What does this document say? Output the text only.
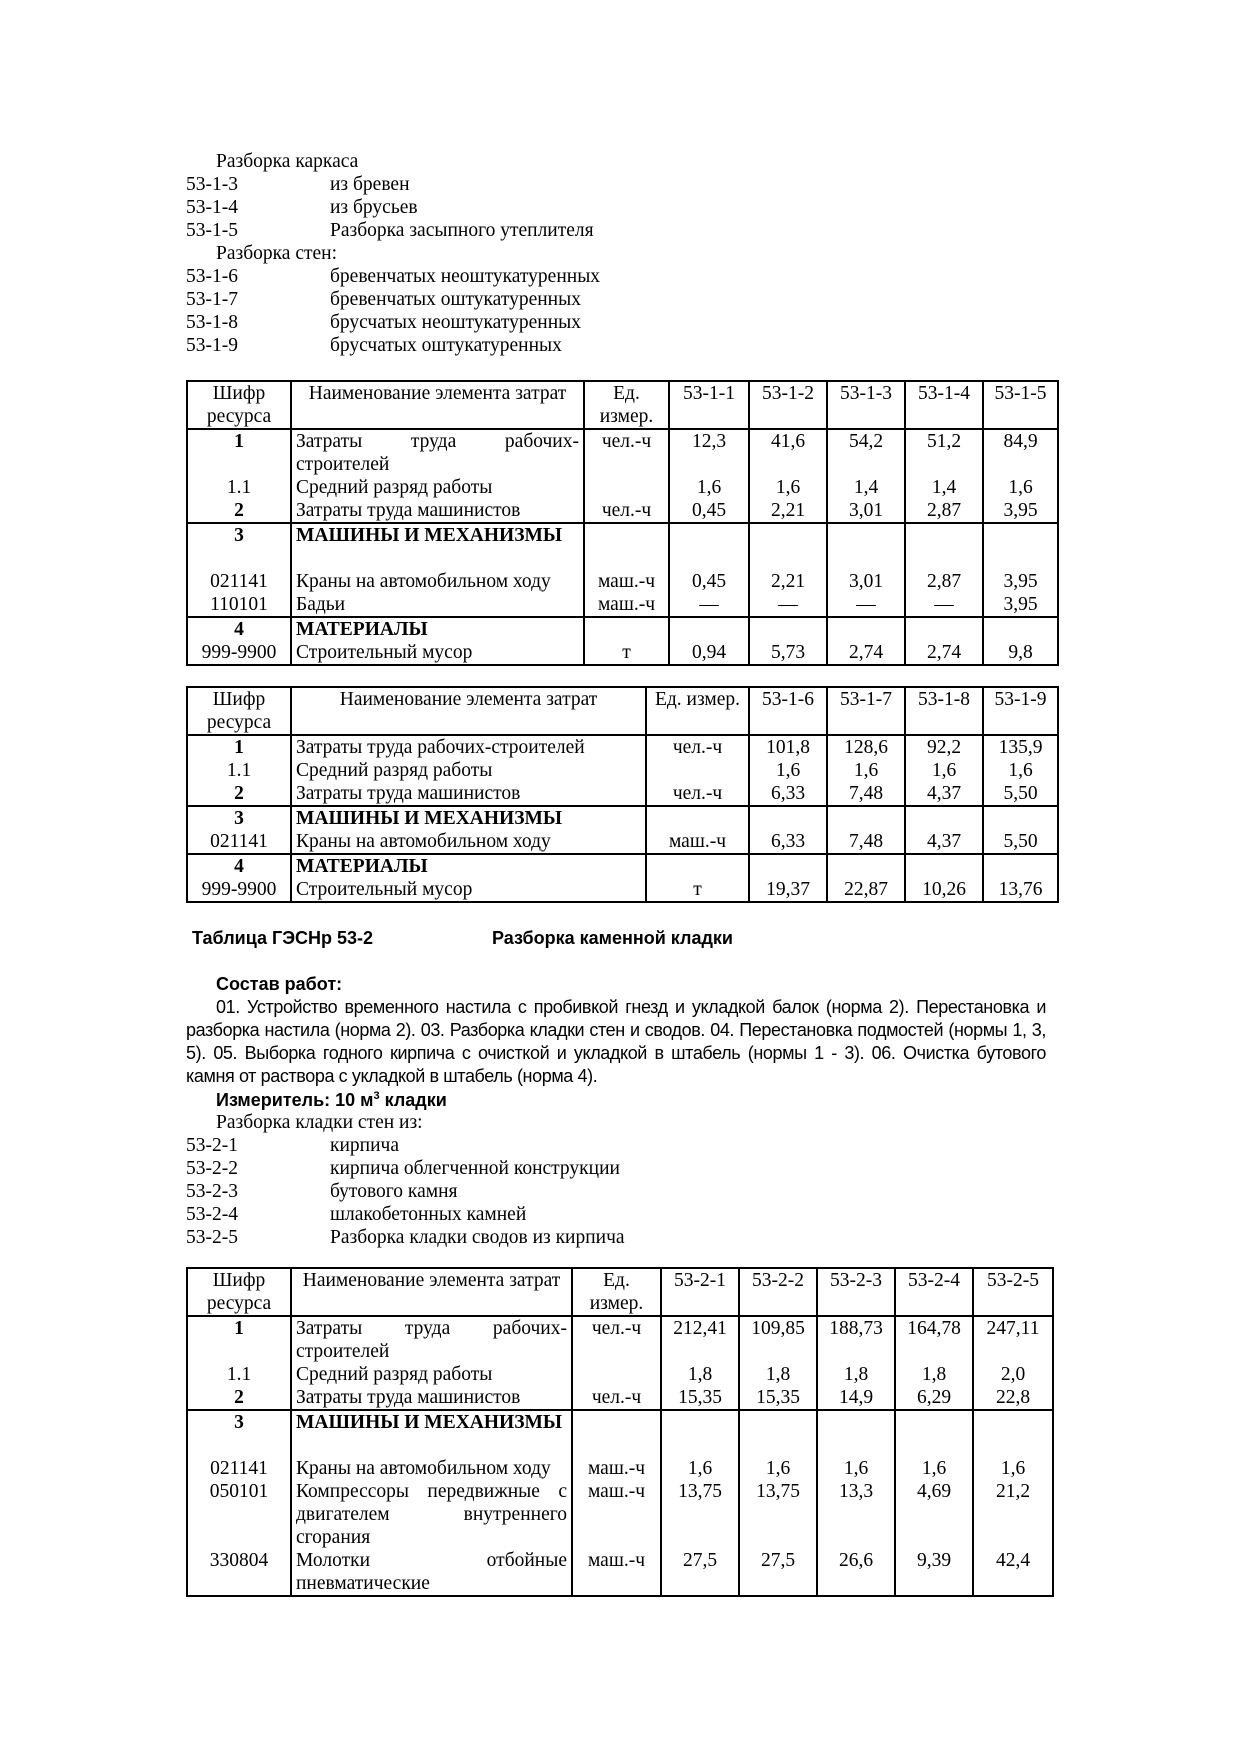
Разборка каркаса
53-1-3	из бревен
53-1-4	из брусьев
53-1-5	Разборка засыпного утеплителя
Разборка стен:
53-1-6	бревенчатых неоштукатуренных
53-1-7	бревенчатых оштукатуренных
53-1-8	брусчатых неоштукатуренных
53-1-9	брусчатых оштукатуренных
Шифр ресурса	Наименование элемента затрат	Ед. измер.	53-1-1	53-1-2	53-1-3	53-1-4	53-1-5
1	Затраты труда рабочих-строителей	чел.-ч	12,3	41,6	54,2	51,2	84,9
1.1	Средний разряд работы		1,6	1,6	1,4	1,4	1,6
2	Затраты труда машинистов	чел.-ч	0,45	2,21	3,01	2,87	3,95
3	МАШИНЫ И МЕХАНИЗМЫ						
021141	Краны на автомобильном ходу	маш.-ч	0,45	2,21	3,01	2,87	3,95
110101	Бадьи	маш.-ч	—	—	—	—	3,95
4	МАТЕРИАЛЫ						
999-9900	Строительный мусор	т	0,94	5,73	2,74	2,74	9,8
Шифр ресурса	Наименование элемента затрат	Ед. измер.	53-1-6	53-1-7	53-1-8	53-1-9
1	Затраты труда рабочих-строителей	чел.-ч	101,8	128,6	92,2	135,9
1.1	Средний разряд работы		1,6	1,6	1,6	1,6
2	Затраты труда машинистов	чел.-ч	6,33	7,48	4,37	5,50
3	МАШИНЫ И МЕХАНИЗМЫ					
021141	Краны на автомобильном ходу	маш.-ч	6,33	7,48	4,37	5,50
4	МАТЕРИАЛЫ					
999-9900	Строительный мусор	т	19,37	22,87	10,26	13,76
Таблица ГЭСНр 53-2	Разборка каменной кладки
Состав работ:
01. Устройство временного настила с пробивкой гнезд и укладкой балок (норма 2). Перестановка и разборка настила (норма 2). 03. Разборка кладки стен и сводов. 04. Перестановка подмостей (нормы 1, 3, 5). 05. Выборка годного кирпича с очисткой и укладкой в штабель (нормы 1 - 3). 06. Очистка бутового камня от раствора с укладкой в штабель (норма 4).
Измеритель: 10 $м^3$ кладки
Разборка кладки стен из:
53-2-1	кирпича
53-2-2	кирпича облегченной конструкции
53-2-3	бутового камня
53-2-4	шлакобетонных камней
53-2-5	Разборка кладки сводов из кирпича
Шифр ресурса	Наименование элемента затрат	Ед. измер.	53-2-1	53-2-2	53-2-3	53-2-4	53-2-5
1	Затраты труда рабочих-строителей	чел.-ч	212,41	109,85	188,73	164,78	247,11
1.1	Средний разряд работы		1,8	1,8	1,8	1,8	2,0
2	Затраты труда машинистов	чел.-ч	15,35	15,35	14,9	6,29	22,8
3	МАШИНЫ И МЕХАНИЗМЫ						
021141	Краны на автомобильном ходу	маш.-ч	1,6	1,6	1,6	1,6	1,6
050101	Компрессоры передвижные с двигателем внутреннего сгорания	маш.-ч	13,75	13,75	13,3	4,69	21,2
330804	Молотки отбойные пневматические	маш.-ч	27,5	27,5	26,6	9,39	42,4
